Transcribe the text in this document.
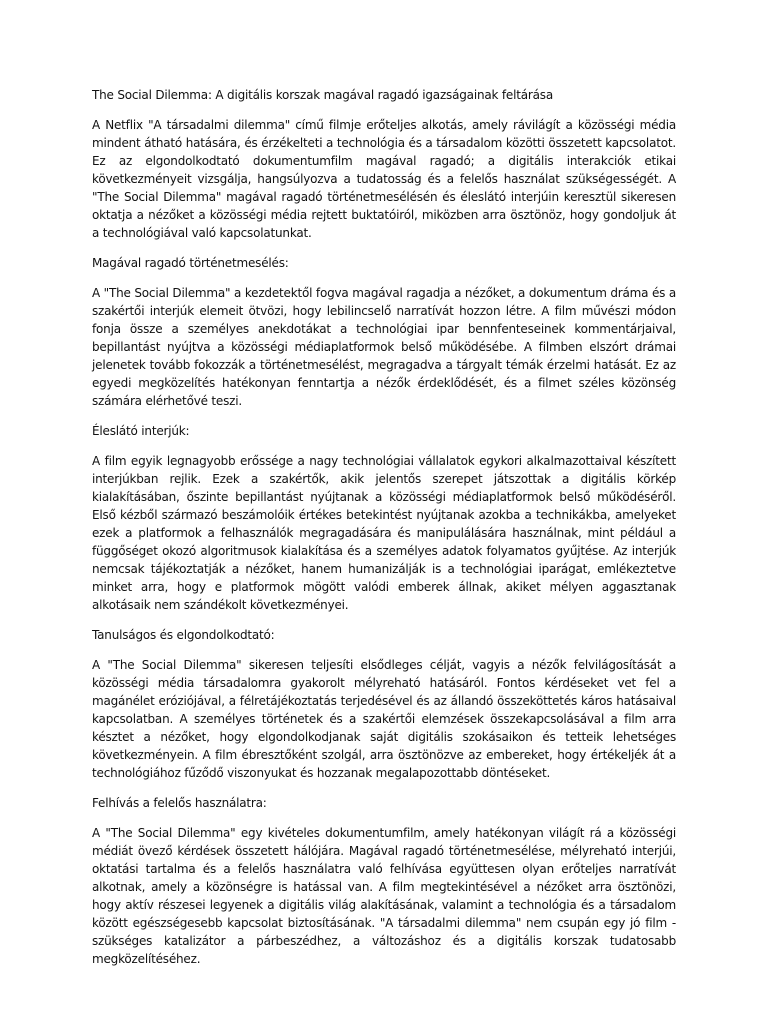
The Social Dilemma: A digitális korszak magával ragadó igazságainak feltárása

A Netflix "A társadalmi dilemma" című filmje erőteljes alkotás, amely rávilágít a közösségi média mindent átható hatására, és érzékelteti a technológia és a társadalom közötti összetett kapcsolatot. Ez az elgondolkodtató dokumentumfilm magával ragadó; a digitális interakciók etikai következményeit vizsgálja, hangsúlyozva a tudatosság és a felelős használat szükségességét. A "The Social Dilemma" magával ragadó történetmesélésén és éleslátó interjúin keresztül sikeresen oktatja a nézőket a közösségi média rejtett buktatóiról, miközben arra ösztönöz, hogy gondoljuk át a technológiával való kapcsolatunkat.

Magával ragadó történetmesélés:

A "The Social Dilemma" a kezdetektől fogva magával ragadja a nézőket, a dokumentum dráma és a szakértői interjúk elemeit ötvözi, hogy lebilincselő narratívát hozzon létre. A film művészi módon fonja össze a személyes anekdotákat a technológiai ipar bennfenteseinek kommentárjaival, bepillantást nyújtva a közösségi médiaplatformok belső működésébe. A filmben elszórt drámai jelenetek tovább fokozzák a történetmesélést, megragadva a tárgyalt témák érzelmi hatását. Ez az egyedi megközelítés hatékonyan fenntartja a nézők érdeklődését, és a filmet széles közönség számára elérhetővé teszi.

Éleslátó interjúk:

A film egyik legnagyobb erőssége a nagy technológiai vállalatok egykori alkalmazottaival készített interjúkban rejlik. Ezek a szakértők, akik jelentős szerepet játszottak a digitális körkép kialakításában, őszinte bepillantást nyújtanak a közösségi médiaplatformok belső működéséről. Első kézből származó beszámolóik értékes betekintést nyújtanak azokba a technikákba, amelyeket ezek a platformok a felhasználók megragadására és manipulálására használnak, mint például a függőséget okozó algoritmusok kialakítása és a személyes adatok folyamatos gyűjtése. Az interjúk nemcsak tájékoztatják a nézőket, hanem humanizálják is a technológiai iparágat, emlékeztetve minket arra, hogy e platformok mögött valódi emberek állnak, akiket mélyen aggasztanak alkotásaik nem szándékolt következményei.

Tanulságos és elgondolkodtató:

A "The Social Dilemma" sikeresen teljesíti elsődleges célját, vagyis a nézők felvilágosítását a közösségi média társadalomra gyakorolt mélyreható hatásáról. Fontos kérdéseket vet fel a magánélet eróziójával, a félretájékoztatás terjedésével és az állandó összeköttetés káros hatásaival kapcsolatban. A személyes történetek és a szakértői elemzések összekapcsolásával a film arra késztet a nézőket, hogy elgondolkodjanak saját digitális szokásaikon és tetteik lehetséges következményein. A film ébresztőként szolgál, arra ösztönözve az embereket, hogy értékeljék át a technológiához fűződő viszonyukat és hozzanak megalapozottabb döntéseket.

Felhívás a felelős használatra:

A "The Social Dilemma" egy kivételes dokumentumfilm, amely hatékonyan világít rá a közösségi médiát övező kérdések összetett hálójára. Magával ragadó történetmesélése, mélyreható interjúi, oktatási tartalma és a felelős használatra való felhívása együttesen olyan erőteljes narratívát alkotnak, amely a közönségre is hatással van. A film megtekintésével a nézőket arra ösztönözi, hogy aktív részesei legyenek a digitális világ alakításának, valamint a technológia és a társadalom között egészségesebb kapcsolat biztosításának. "A társadalmi dilemma" nem csupán egy jó film - szükséges katalizátor a párbeszédhez, a változáshoz és a digitális korszak tudatosabb megközelítéséhez.
